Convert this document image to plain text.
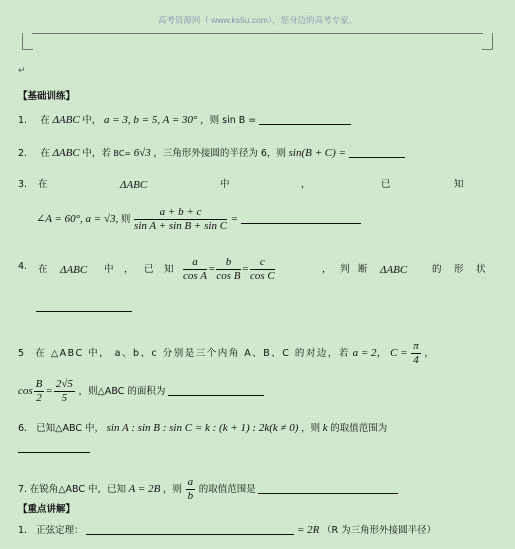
高考资源网（ www.ks5u.com），您身边的高考专家。
↵
【基础训练】
1. 在 ΔABC 中， a = 3, b = 5, A = 30° ，则 sin B =
2. 在 ΔABC 中，若 BC= 6√3 ，三角形外接圆的半径为 6，则 sin(B + C) =
3. 在	ΔABC	中	，	已	知
∠A = 60°, a = √3, 则 $\frac{a + b + c}{\text{sin A + sin B + sin C}}$ =
4. 在 ΔABC 中 ， 已 知 $\frac{a}{\text{cos A}} = \frac{b}{\text{cos B}} = \frac{c}{\text{cos C}}$	， 判 断 ΔABC	的 形 状
5 在 △ABC 中， a、b、c 分别是三个内角 A、B、C 的对边，若 a = 2， $C = \frac{\pi}{4}$ ，
$\cos \frac{B}{2} = \frac{2√5}{5}$ ，则△ABC 的面积为
6． 已知△ABC 中， sin A : sin B : sin C = k : (k + 1) : 2k(k ≠ 0) ，则 k 的取值范围为
7. 在锐角△ABC 中，已知 A = 2B ，则 $\frac{a}{b}$ 的取值范围是
【重点讲解】
1． 正弦定理：	= 2R （R 为三角形外接圆半径）
